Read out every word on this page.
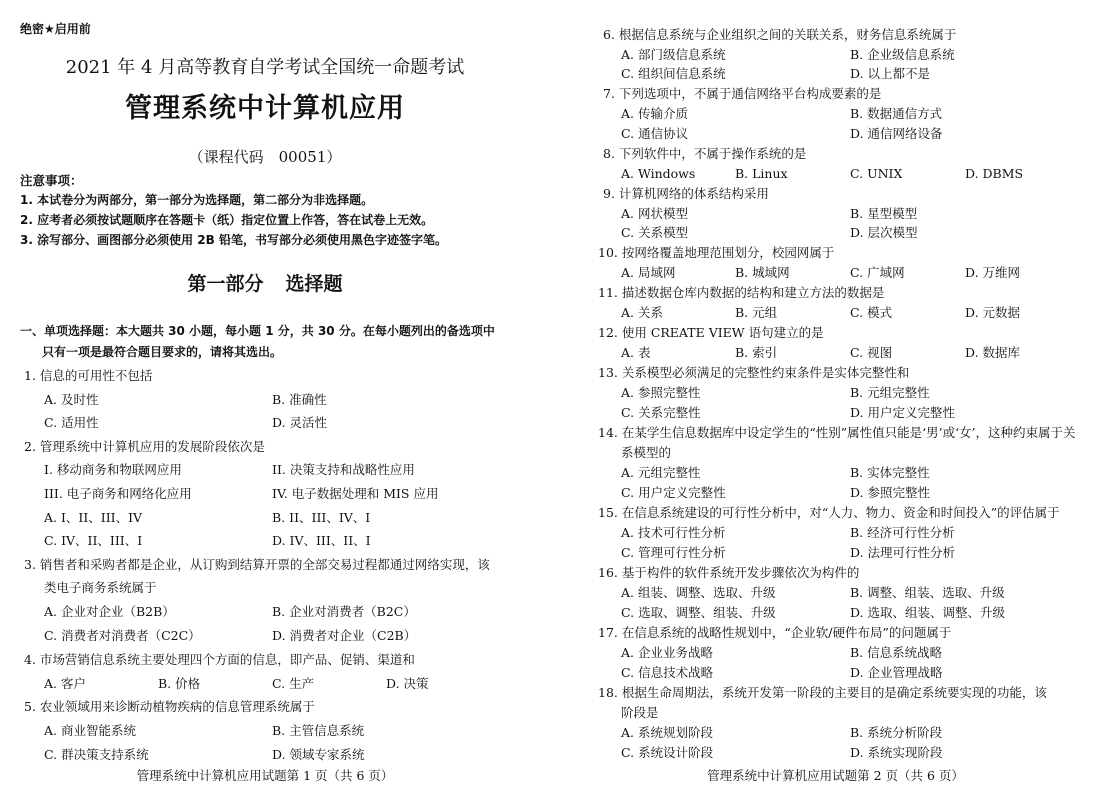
绝密★启用前
2021 年 4 月高等教育自学考试全国统一命题考试
管理系统中计算机应用
（课程代码　00051）
注意事项：
1. 本试卷分为两部分，第一部分为选择题，第二部分为非选择题。
2. 应考者必须按试题顺序在答题卡（纸）指定位置上作答，答在试卷上无效。
3. 涂写部分、画图部分必须使用 2B 铅笔，书写部分必须使用黑色字迹签字笔。
第一部分 选择题
一、单项选择题：本大题共 30 小题，每小题 1 分，共 30 分。在每小题列出的备选项中
只有一项是最符合题目要求的，请将其选出。
1. 信息的可用性不包括
A. 及时性	B. 准确性
C. 适用性	D. 灵活性
2. 管理系统中计算机应用的发展阶段依次是
I. 移动商务和物联网应用	II. 决策支持和战略性应用
III. 电子商务和网络化应用	IV. 电子数据处理和 MIS 应用
A. I、II、III、IV	B. II、III、IV、I
C. IV、II、III、I	D. IV、III、II、I
3. 销售者和采购者都是企业，从订购到结算开票的全部交易过程都通过网络实现，该
类电子商务系统属于
A. 企业对企业（B2B）	B. 企业对消费者（B2C）
C. 消费者对消费者（C2C）	D. 消费者对企业（C2B）
4. 市场营销信息系统主要处理四个方面的信息，即产品、促销、渠道和
A. 客户	B. 价格	C. 生产	D. 决策
5. 农业领域用来诊断动植物疾病的信息管理系统属于
A. 商业智能系统	B. 主管信息系统
C. 群决策支持系统	D. 领域专家系统
管理系统中计算机应用试题第 1 页（共 6 页）
6. 根据信息系统与企业组织之间的关联关系，财务信息系统属于
A. 部门级信息系统	B. 企业级信息系统
C. 组织间信息系统	D. 以上都不是
7. 下列选项中，不属于通信网络平台构成要素的是
A. 传输介质	B. 数据通信方式
C. 通信协议	D. 通信网络设备
8. 下列软件中，不属于操作系统的是
A. Windows	B. Linux	C. UNIX	D. DBMS
9. 计算机网络的体系结构采用
A. 网状模型	B. 星型模型
C. 关系模型	D. 层次模型
10. 按网络覆盖地理范围划分，校园网属于
A. 局域网	B. 城域网	C. 广域网	D. 万维网
11. 描述数据仓库内数据的结构和建立方法的数据是
A. 关系	B. 元组	C. 模式	D. 元数据
12. 使用 CREATE VIEW 语句建立的是
A. 表	B. 索引	C. 视图	D. 数据库
13. 关系模型必须满足的完整性约束条件是实体完整性和
A. 参照完整性	B. 元组完整性
C. 关系完整性	D. 用户定义完整性
14. 在某学生信息数据库中设定学生的“性别”属性值只能是‘男’或‘女’，这种约束属于关
系模型的
A. 元组完整性	B. 实体完整性
C. 用户定义完整性	D. 参照完整性
15. 在信息系统建设的可行性分析中，对“人力、物力、资金和时间投入”的评估属于
A. 技术可行性分析	B. 经济可行性分析
C. 管理可行性分析	D. 法理可行性分析
16. 基于构件的软件系统开发步骤依次为构件的
A. 组装、调整、选取、升级	B. 调整、组装、选取、升级
C. 选取、调整、组装、升级	D. 选取、组装、调整、升级
17. 在信息系统的战略性规划中，“企业软/硬件布局”的问题属于
A. 企业业务战略	B. 信息系统战略
C. 信息技术战略	D. 企业管理战略
18. 根据生命周期法，系统开发第一阶段的主要目的是确定系统要实现的功能，该
阶段是
A. 系统规划阶段	B. 系统分析阶段
C. 系统设计阶段	D. 系统实现阶段
管理系统中计算机应用试题第 2 页（共 6 页）
